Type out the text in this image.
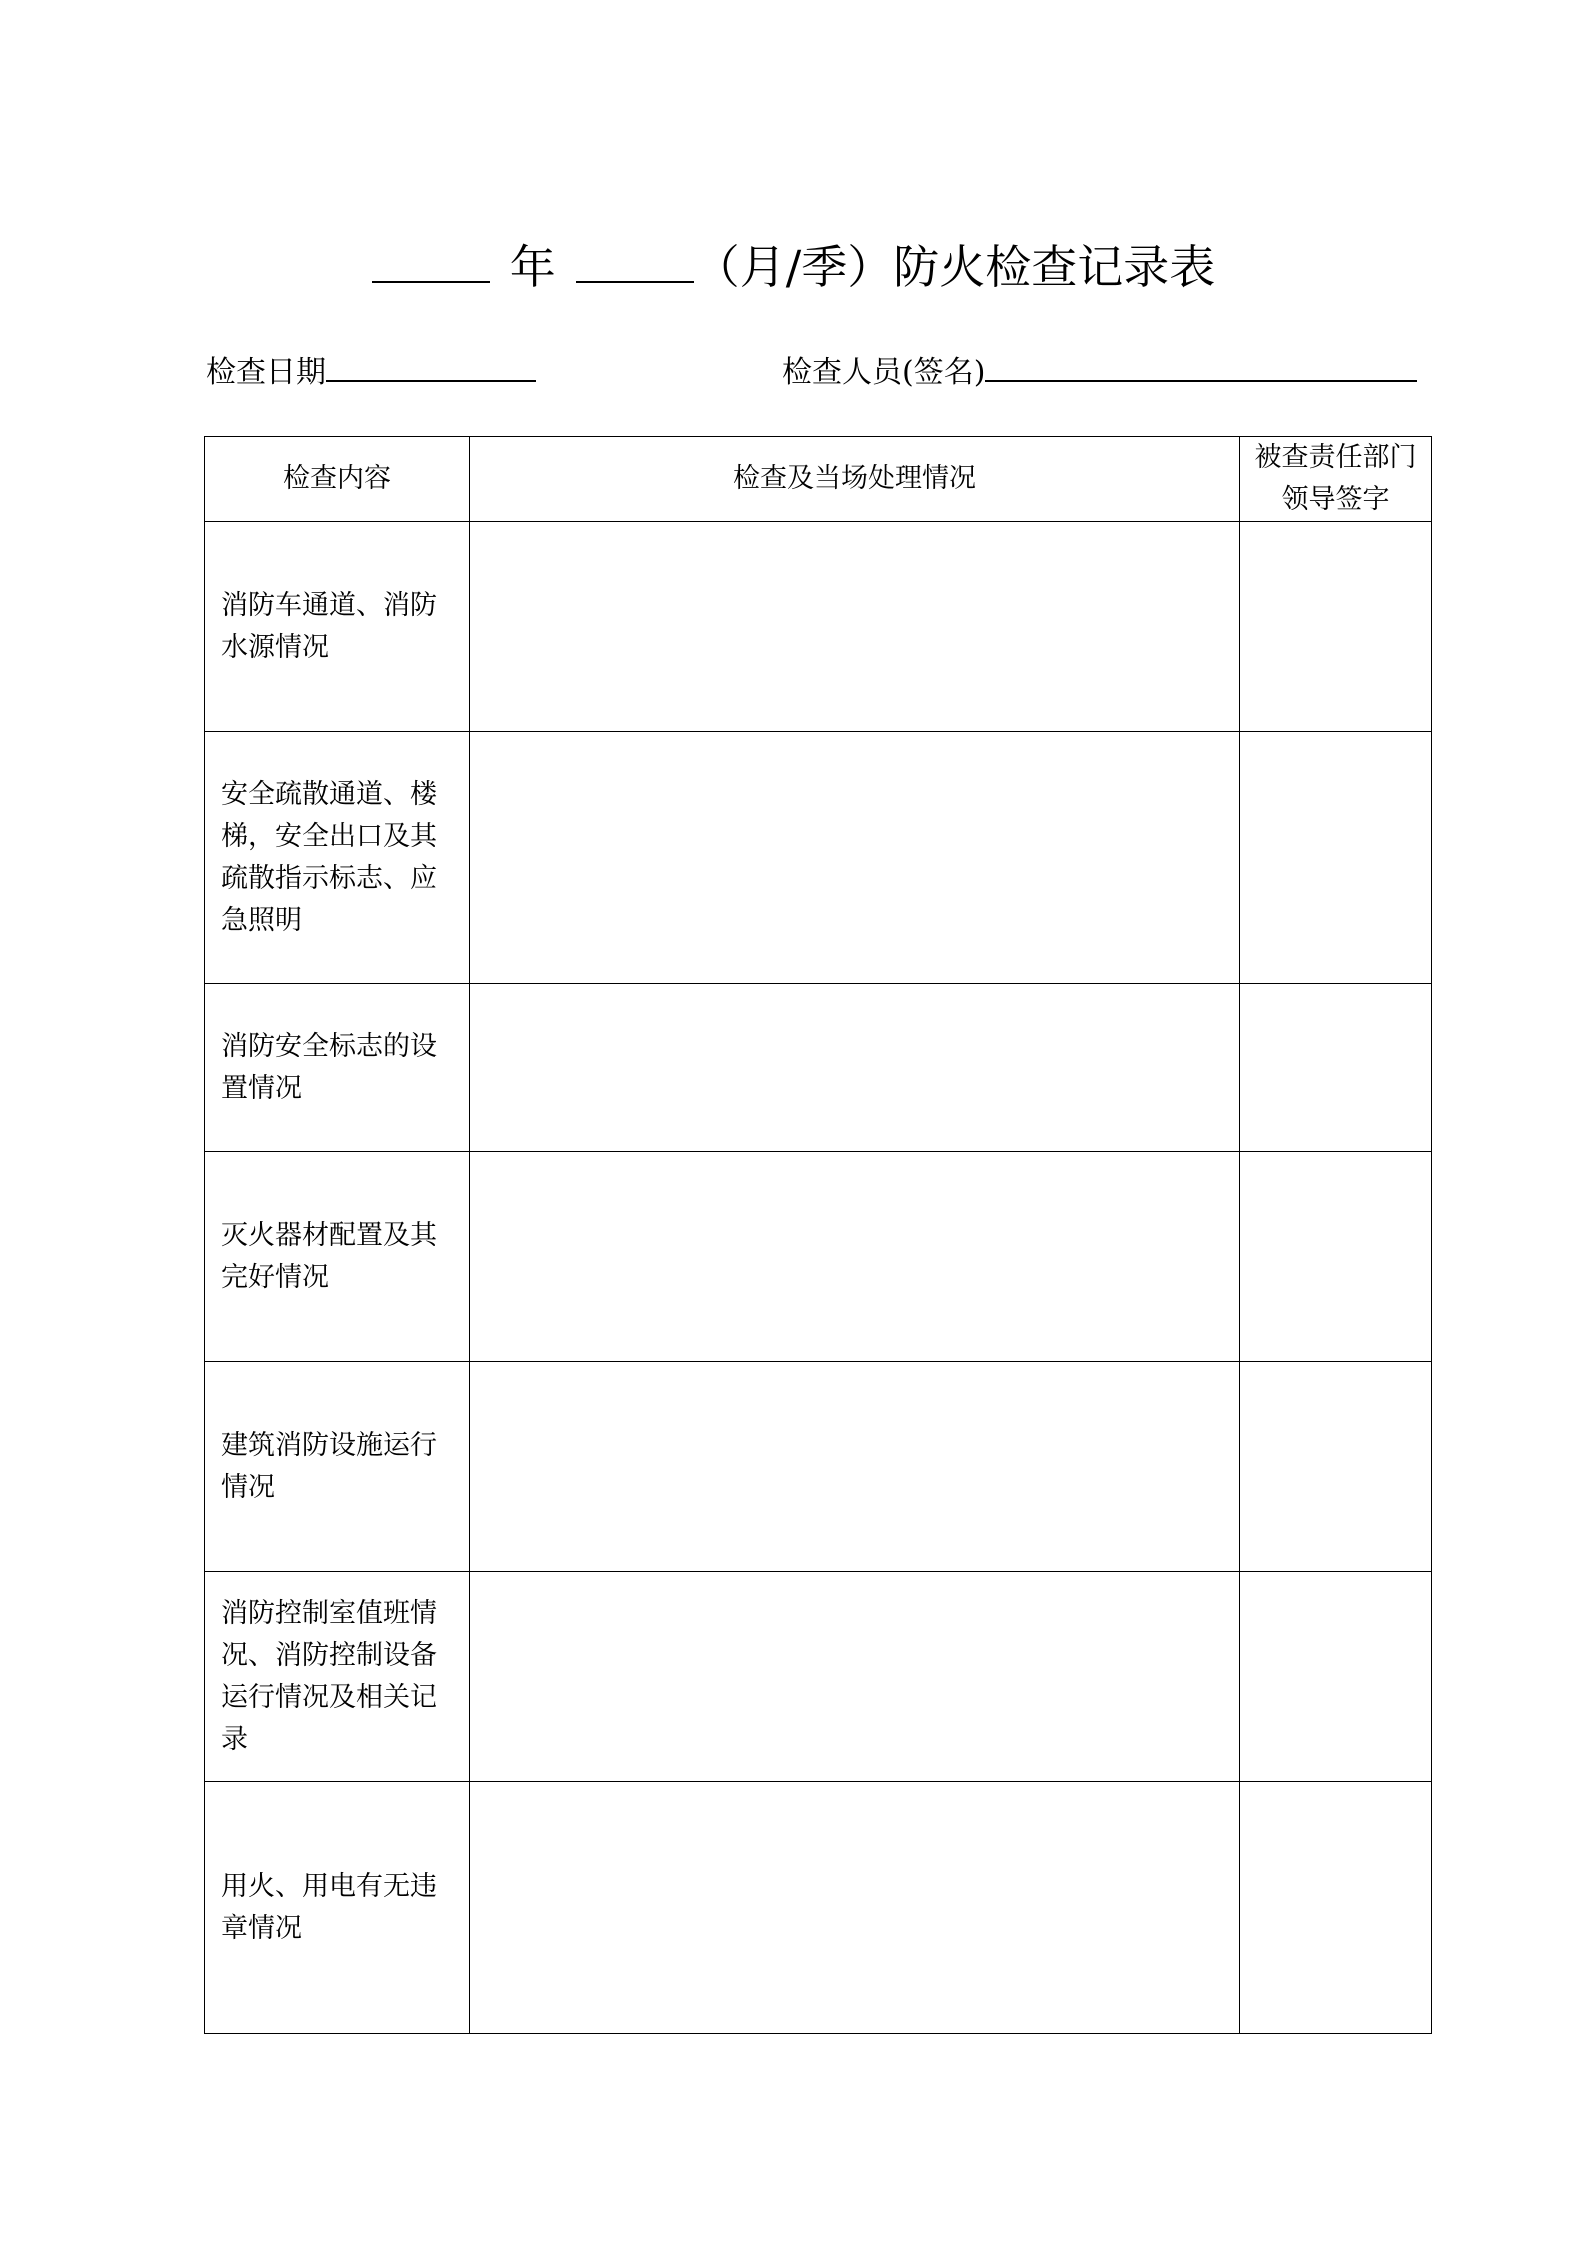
年	（月/季）防火检查记录表
检查日期	检查人员(签名)
检查内容	检查及当场处理情况	被查责任部门领导签字
消防车通道、消防水源情况		
安全疏散通道、楼梯，安全出口及其疏散指示标志、应急照明		
消防安全标志的设置情况		
灭火器材配置及其完好情况		
建筑消防设施运行情况		
消防控制室值班情况、消防控制设备运行情况及相关记录		
用火、用电有无违章情况		
